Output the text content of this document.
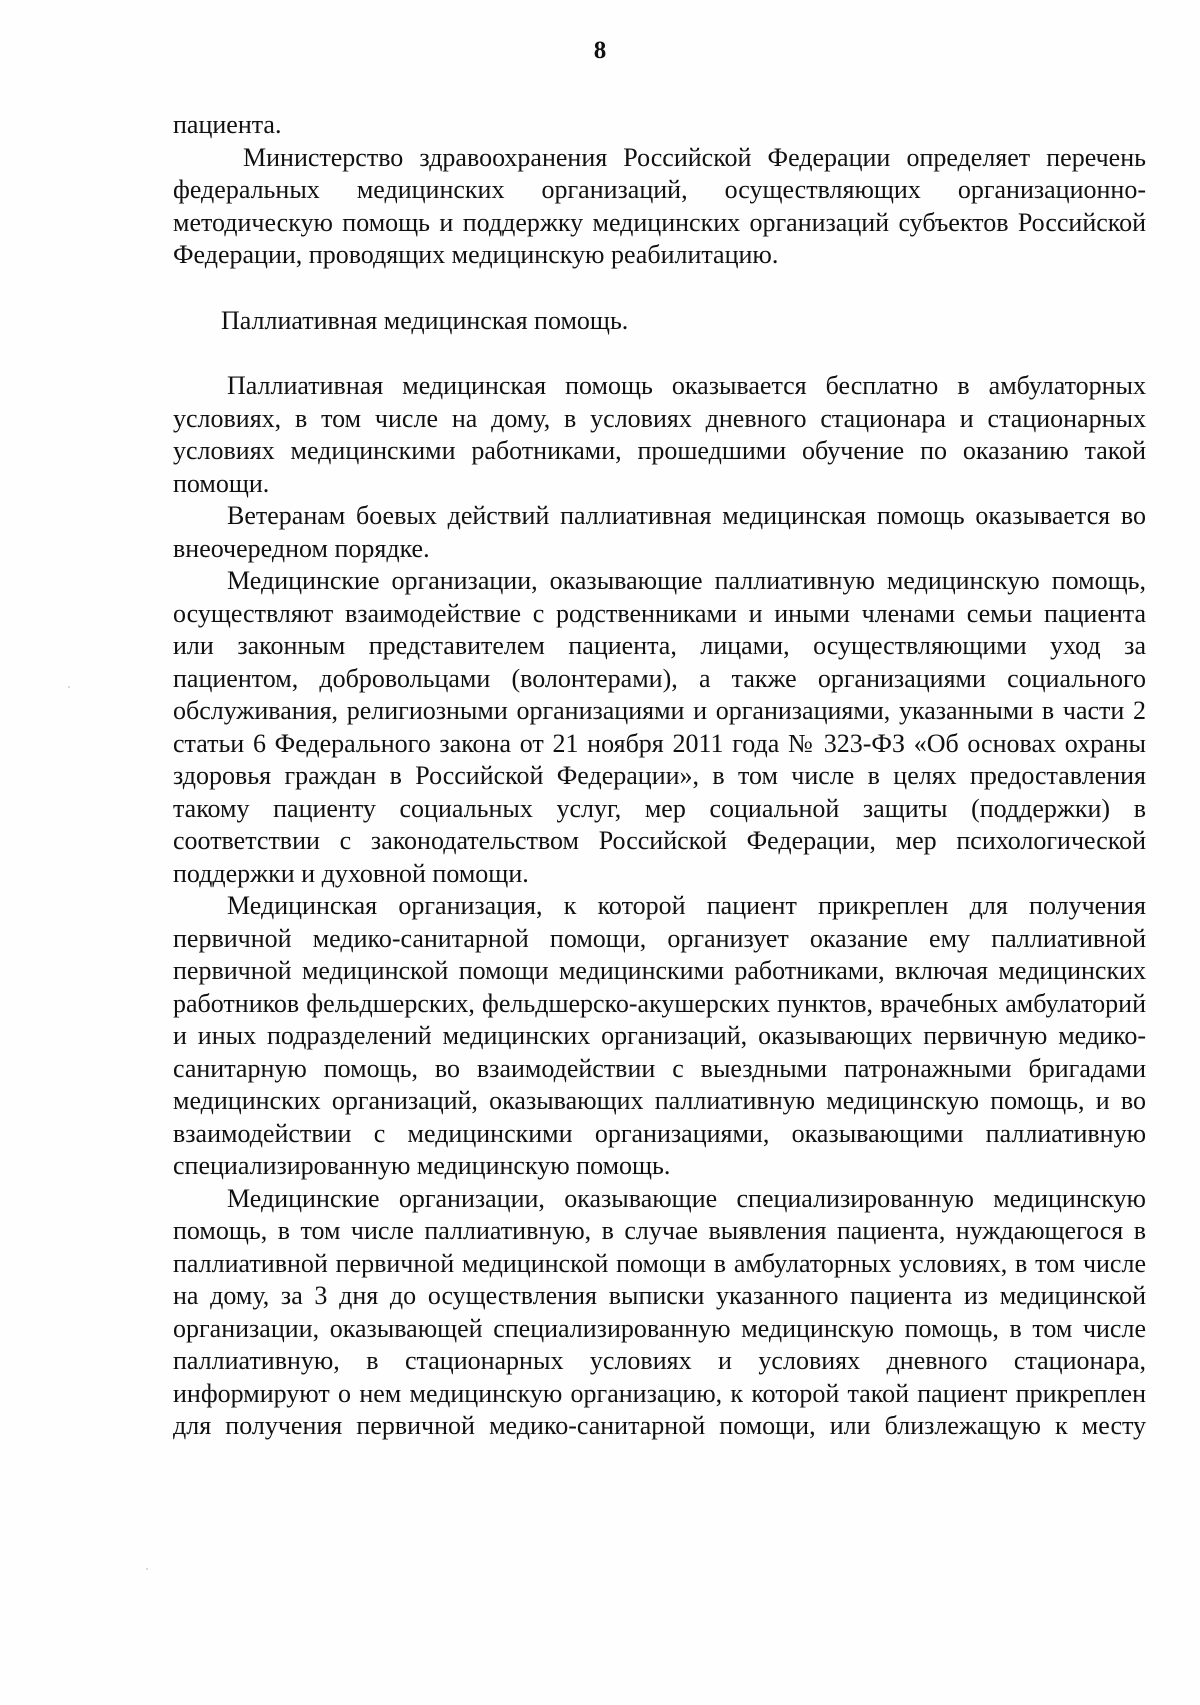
8

пациента.

Министерство здравоохранения Российской Федерации определяет перечень федеральных медицинских организаций, осуществляющих организационно-методическую помощь и поддержку медицинских организаций субъектов Российской Федерации, проводящих медицинскую реабилитацию.

Паллиативная медицинская помощь.

Паллиативная медицинская помощь оказывается бесплатно в амбулаторных условиях, в том числе на дому, в условиях дневного стационара и стационарных условиях медицинскими работниками, прошедшими обучение по оказанию такой помощи.

Ветеранам боевых действий паллиативная медицинская помощь оказывается во внеочередном порядке.

Медицинские организации, оказывающие паллиативную медицинскую помощь, осуществляют взаимодействие с родственниками и иными членами семьи пациента или законным представителем пациента, лицами, осуществляющими уход за пациентом, добровольцами (волонтерами), а также организациями социального обслуживания, религиозными организациями и организациями, указанными в части 2 статьи 6 Федерального закона от 21 ноября 2011 года № 323-ФЗ «Об основах охраны здоровья граждан в Российской Федерации», в том числе в целях предоставления такому пациенту социальных услуг, мер социальной защиты (поддержки) в соответствии с законодательством Российской Федерации, мер психологической поддержки и духовной помощи.

Медицинская организация, к которой пациент прикреплен для получения первичной медико-санитарной помощи, организует оказание ему паллиативной первичной медицинской помощи медицинскими работниками, включая медицинских работников фельдшерских, фельдшерско-акушерских пунктов, врачебных амбулаторий и иных подразделений медицинских организаций, оказывающих первичную медико-санитарную помощь, во взаимодействии с выездными патронажными бригадами медицинских организаций, оказывающих паллиативную медицинскую помощь, и во взаимодействии с медицинскими организациями, оказывающими паллиативную специализированную медицинскую помощь.

Медицинские организации, оказывающие специализированную медицинскую помощь, в том числе паллиативную, в случае выявления пациента, нуждающегося в паллиативной первичной медицинской помощи в амбулаторных условиях, в том числе на дому, за 3 дня до осуществления выписки указанного пациента из медицинской организации, оказывающей специализированную медицинскую помощь, в том числе паллиативную, в стационарных условиях и условиях дневного стационара, информируют о нем медицинскую организацию, к которой такой пациент прикреплен для получения первичной медико-санитарной помощи, или близлежащую к месту
